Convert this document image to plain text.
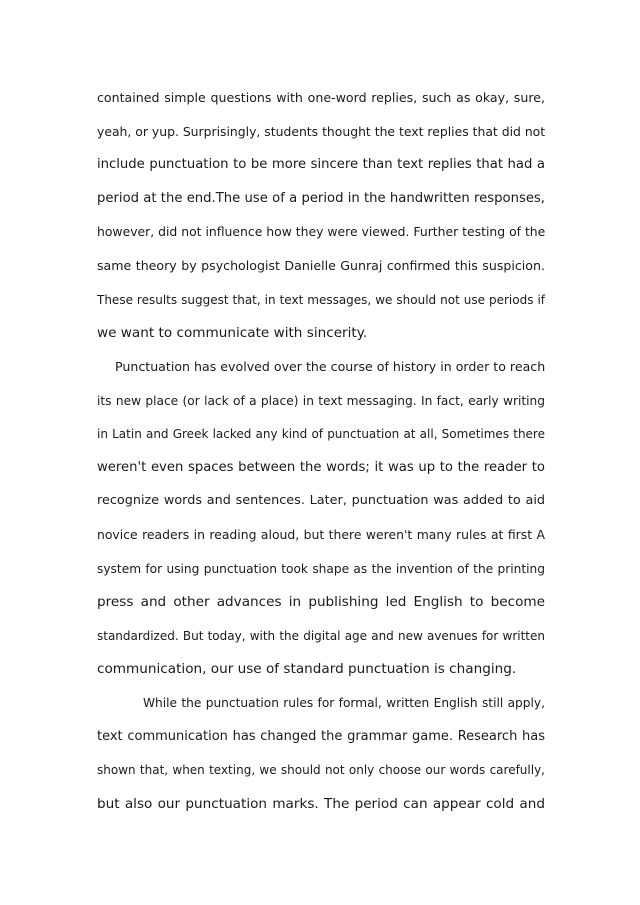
contained simple questions with one-word replies, such as okay, sure,
yeah, or yup. Surprisingly, students thought the text replies that did not
include punctuation to be more sincere than text replies that had a
period at the end.The use of a period in the handwritten responses,
however, did not influence how they were viewed. Further testing of the
same theory by psychologist Danielle Gunraj confirmed this suspicion.
These results suggest that, in text messages, we should not use periods if
we want to communicate with sincerity.
Punctuation has evolved over the course of history in order to reach
its new place (or lack of a place) in text messaging. In fact, early writing
in Latin and Greek lacked any kind of punctuation at all, Sometimes there
weren't even spaces between the words; it was up to the reader to
recognize words and sentences. Later, punctuation was added to aid
novice readers in reading aloud, but there weren't many rules at first A
system for using punctuation took shape as the invention of the printing
press and other advances in publishing led English to become
standardized. But today, with the digital age and new avenues for written
communication, our use of standard punctuation is changing.
While the punctuation rules for formal, written English still apply,
text communication has changed the grammar game. Research has
shown that, when texting, we should not only choose our words carefully,
but also our punctuation marks. The period can appear cold and
